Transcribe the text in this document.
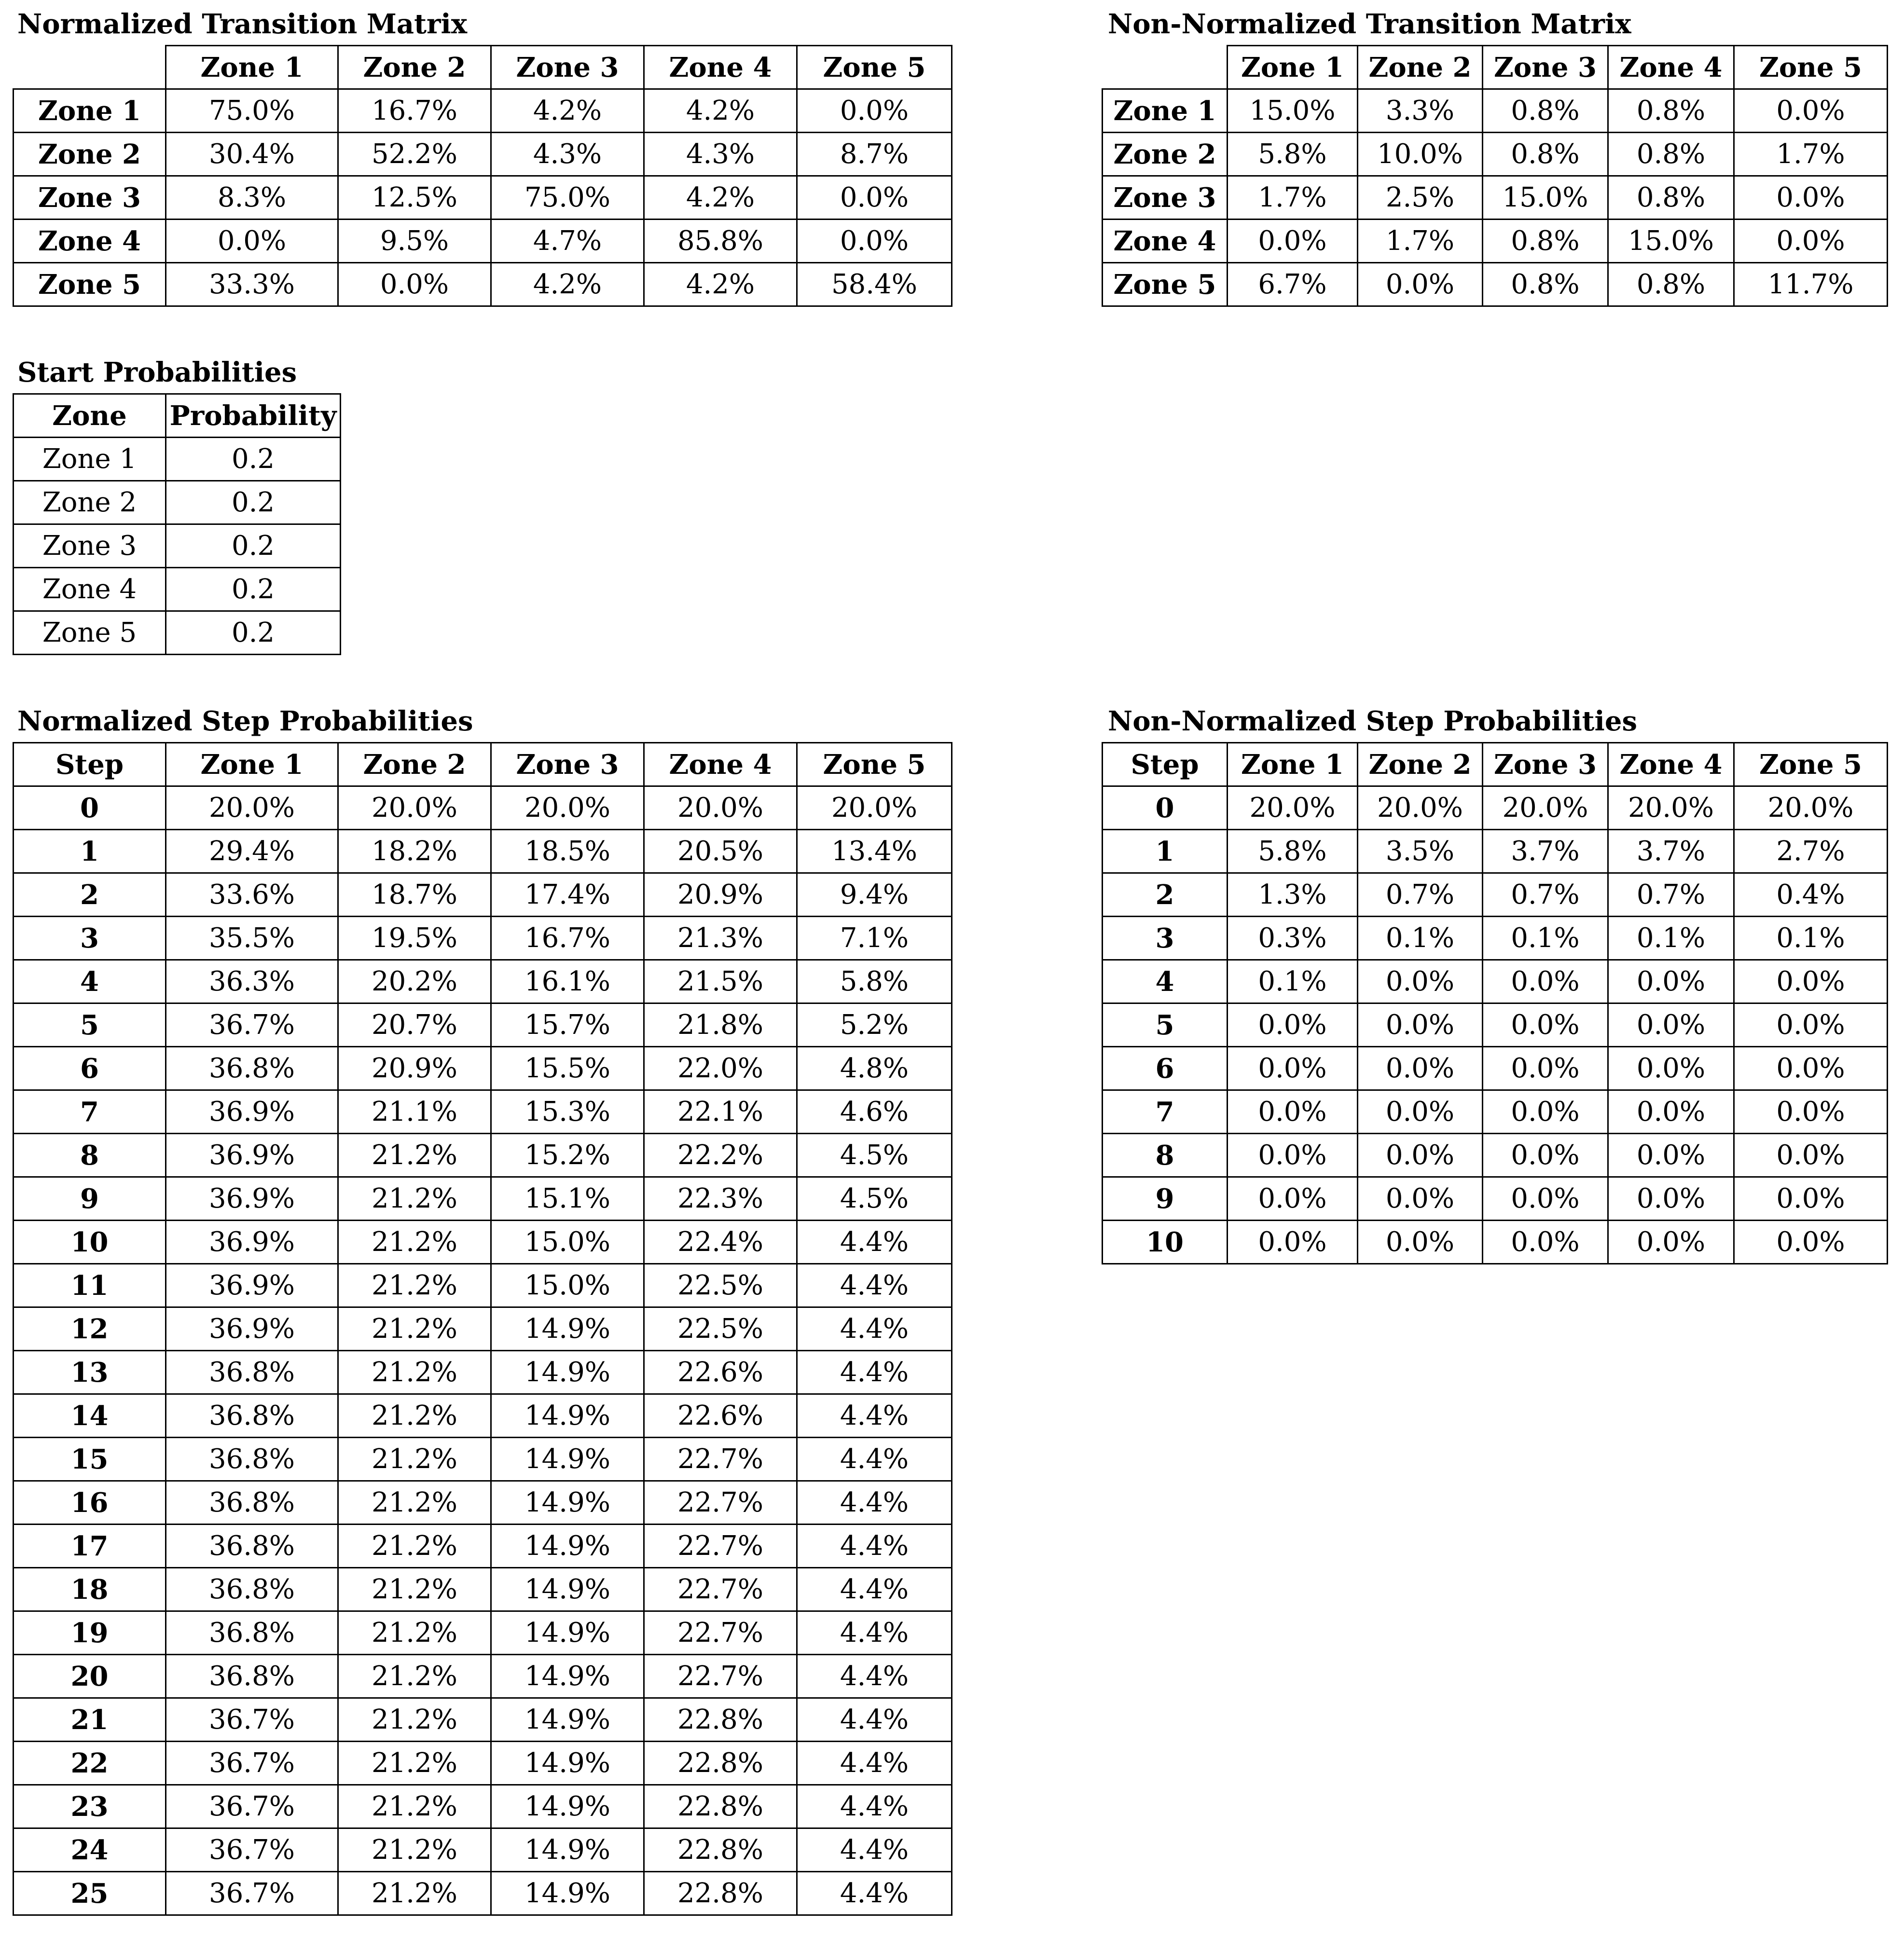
Normalized Transition Matrix
	Zone 1	Zone 2	Zone 3	Zone 4	Zone 5
Zone 1	75.0%	16.7%	4.2%	4.2%	0.0%
Zone 2	30.4%	52.2%	4.3%	4.3%	8.7%
Zone 3	8.3%	12.5%	75.0%	4.2%	0.0%
Zone 4	0.0%	9.5%	4.7%	85.8%	0.0%
Zone 5	33.3%	0.0%	4.2%	4.2%	58.4%
Non-Normalized Transition Matrix
	Zone 1	Zone 2	Zone 3	Zone 4	Zone 5
Zone 1	15.0%	3.3%	0.8%	0.8%	0.0%
Zone 2	5.8%	10.0%	0.8%	0.8%	1.7%
Zone 3	1.7%	2.5%	15.0%	0.8%	0.0%
Zone 4	0.0%	1.7%	0.8%	15.0%	0.0%
Zone 5	6.7%	0.0%	0.8%	0.8%	11.7%
Start Probabilities
Zone	Probability
Zone 1	0.2
Zone 2	0.2
Zone 3	0.2
Zone 4	0.2
Zone 5	0.2
Normalized Step Probabilities
Step	Zone 1	Zone 2	Zone 3	Zone 4	Zone 5
0	20.0%	20.0%	20.0%	20.0%	20.0%
1	29.4%	18.2%	18.5%	20.5%	13.4%
2	33.6%	18.7%	17.4%	20.9%	9.4%
3	35.5%	19.5%	16.7%	21.3%	7.1%
4	36.3%	20.2%	16.1%	21.5%	5.8%
5	36.7%	20.7%	15.7%	21.8%	5.2%
6	36.8%	20.9%	15.5%	22.0%	4.8%
7	36.9%	21.1%	15.3%	22.1%	4.6%
8	36.9%	21.2%	15.2%	22.2%	4.5%
9	36.9%	21.2%	15.1%	22.3%	4.5%
10	36.9%	21.2%	15.0%	22.4%	4.4%
11	36.9%	21.2%	15.0%	22.5%	4.4%
12	36.9%	21.2%	14.9%	22.5%	4.4%
13	36.8%	21.2%	14.9%	22.6%	4.4%
14	36.8%	21.2%	14.9%	22.6%	4.4%
15	36.8%	21.2%	14.9%	22.7%	4.4%
16	36.8%	21.2%	14.9%	22.7%	4.4%
17	36.8%	21.2%	14.9%	22.7%	4.4%
18	36.8%	21.2%	14.9%	22.7%	4.4%
19	36.8%	21.2%	14.9%	22.7%	4.4%
20	36.8%	21.2%	14.9%	22.7%	4.4%
21	36.7%	21.2%	14.9%	22.8%	4.4%
22	36.7%	21.2%	14.9%	22.8%	4.4%
23	36.7%	21.2%	14.9%	22.8%	4.4%
24	36.7%	21.2%	14.9%	22.8%	4.4%
25	36.7%	21.2%	14.9%	22.8%	4.4%
Non-Normalized Step Probabilities
Step	Zone 1	Zone 2	Zone 3	Zone 4	Zone 5
0	20.0%	20.0%	20.0%	20.0%	20.0%
1	5.8%	3.5%	3.7%	3.7%	2.7%
2	1.3%	0.7%	0.7%	0.7%	0.4%
3	0.3%	0.1%	0.1%	0.1%	0.1%
4	0.1%	0.0%	0.0%	0.0%	0.0%
5	0.0%	0.0%	0.0%	0.0%	0.0%
6	0.0%	0.0%	0.0%	0.0%	0.0%
7	0.0%	0.0%	0.0%	0.0%	0.0%
8	0.0%	0.0%	0.0%	0.0%	0.0%
9	0.0%	0.0%	0.0%	0.0%	0.0%
10	0.0%	0.0%	0.0%	0.0%	0.0%
